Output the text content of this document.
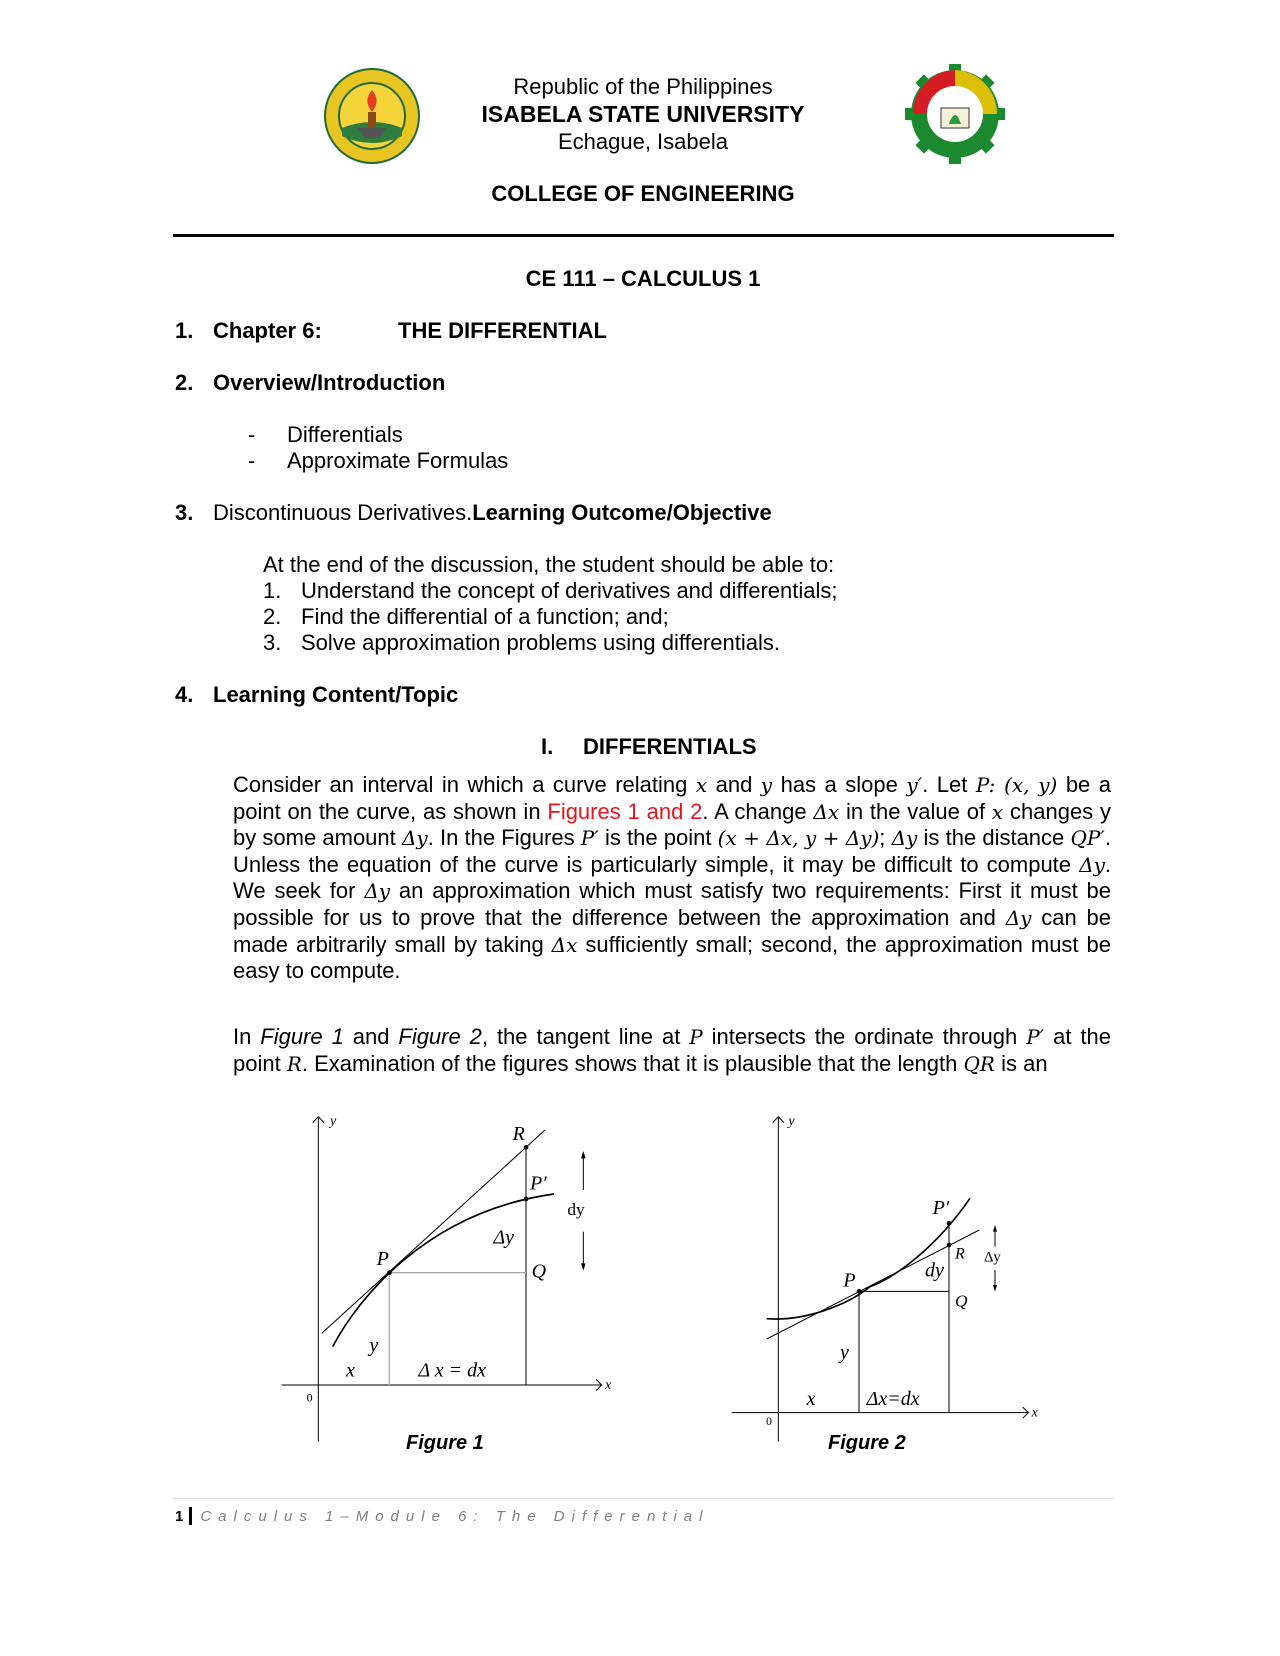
Republic of the Philippines
ISABELA STATE UNIVERSITY
Echague, Isabela
COLLEGE OF ENGINEERING
CE 111 – CALCULUS 1
1. Chapter 6:	THE DIFFERENTIAL
2. Overview/Introduction
- Differentials
- Approximate Formulas
3. Discontinuous Derivatives.Learning Outcome/Objective
At the end of the discussion, the student should be able to:
1. Understand the concept of derivatives and differentials;
2. Find the differential of a function; and;
3. Solve approximation problems using differentials.
4. Learning Content/Topic
I. DIFFERENTIALS

Consider an interval in which a curve relating x and y has a slope y′. Let P: (x, y) be a point on the curve, as shown in Figures 1 and 2. A change Δx in the value of x changes y by some amount Δy. In the Figures P′ is the point (x + Δx, y + Δy); Δy is the distance QP′. Unless the equation of the curve is particularly simple, it may be difficult to compute Δy. We seek for Δy an approximation which must satisfy two requirements: First it must be possible for us to prove that the difference between the approximation and Δy can be made arbitrarily small by taking Δx sufficiently small; second, the approximation must be easy to compute.

In Figure 1 and Figure 2, the tangent line at P intersects the ordinate through P′ at the point R. Examination of the figures shows that it is plausible that the length QR is an

y
x
R
P′
Δy
P
Q
y
x Δ x = dx
dy
0
Figure 1
y
x
P′
R
dy
P
Q
y
x Δx=dx
Δy
0
Figure 2
1 Calculus 1–Module 6: The Differential
